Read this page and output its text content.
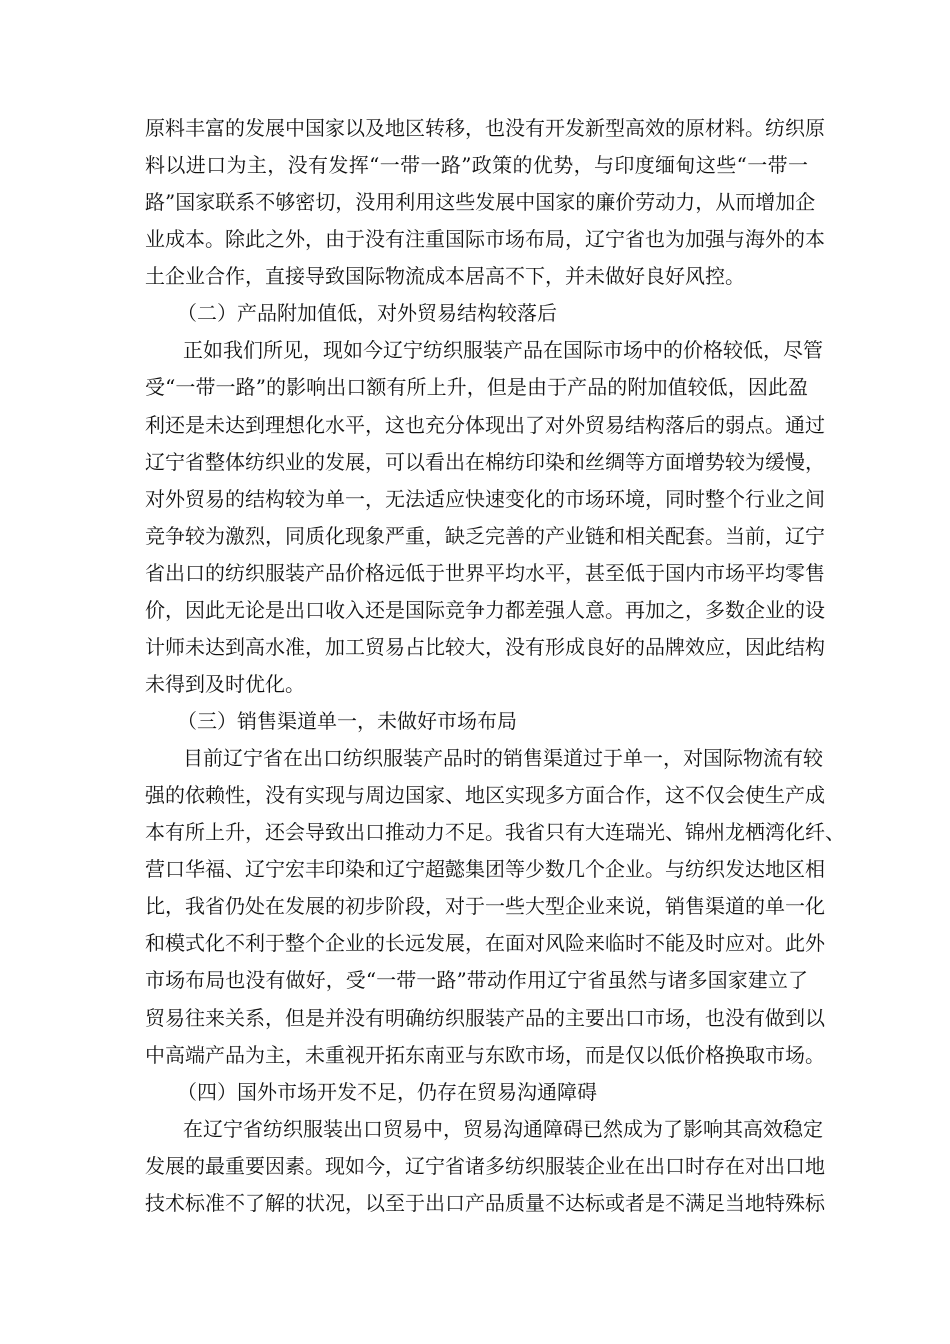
原料丰富的发展中国家以及地区转移，也没有开发新型高效的原材料。纺织原
料以进口为主，没有发挥“一带一路”政策的优势，与印度缅甸这些“一带一
路”国家联系不够密切，没用利用这些发展中国家的廉价劳动力，从而增加企
业成本。除此之外，由于没有注重国际市场布局，辽宁省也为加强与海外的本
土企业合作，直接导致国际物流成本居高不下，并未做好良好风控。
（二）产品附加值低，对外贸易结构较落后
正如我们所见，现如今辽宁纺织服装产品在国际市场中的价格较低，尽管
受“一带一路”的影响出口额有所上升，但是由于产品的附加值较低，因此盈
利还是未达到理想化水平，这也充分体现出了对外贸易结构落后的弱点。通过
辽宁省整体纺织业的发展，可以看出在棉纺印染和丝绸等方面增势较为缓慢，
对外贸易的结构较为单一，无法适应快速变化的市场环境，同时整个行业之间
竞争较为激烈，同质化现象严重，缺乏完善的产业链和相关配套。当前，辽宁
省出口的纺织服装产品价格远低于世界平均水平，甚至低于国内市场平均零售
价，因此无论是出口收入还是国际竞争力都差强人意。再加之，多数企业的设
计师未达到高水准，加工贸易占比较大，没有形成良好的品牌效应，因此结构
未得到及时优化。
（三）销售渠道单一，未做好市场布局
目前辽宁省在出口纺织服装产品时的销售渠道过于单一，对国际物流有较
强的依赖性，没有实现与周边国家、地区实现多方面合作，这不仅会使生产成
本有所上升，还会导致出口推动力不足。我省只有大连瑞光、锦州龙栖湾化纤、
营口华福、辽宁宏丰印染和辽宁超懿集团等少数几个企业。与纺织发达地区相
比，我省仍处在发展的初步阶段，对于一些大型企业来说，销售渠道的单一化
和模式化不利于整个企业的长远发展，在面对风险来临时不能及时应对。此外
市场布局也没有做好，受“一带一路”带动作用辽宁省虽然与诸多国家建立了
贸易往来关系，但是并没有明确纺织服装产品的主要出口市场，也没有做到以
中高端产品为主，未重视开拓东南亚与东欧市场，而是仅以低价格换取市场。
（四）国外市场开发不足，仍存在贸易沟通障碍
在辽宁省纺织服装出口贸易中，贸易沟通障碍已然成为了影响其高效稳定
发展的最重要因素。现如今，辽宁省诸多纺织服装企业在出口时存在对出口地
技术标准不了解的状况，以至于出口产品质量不达标或者是不满足当地特殊标
